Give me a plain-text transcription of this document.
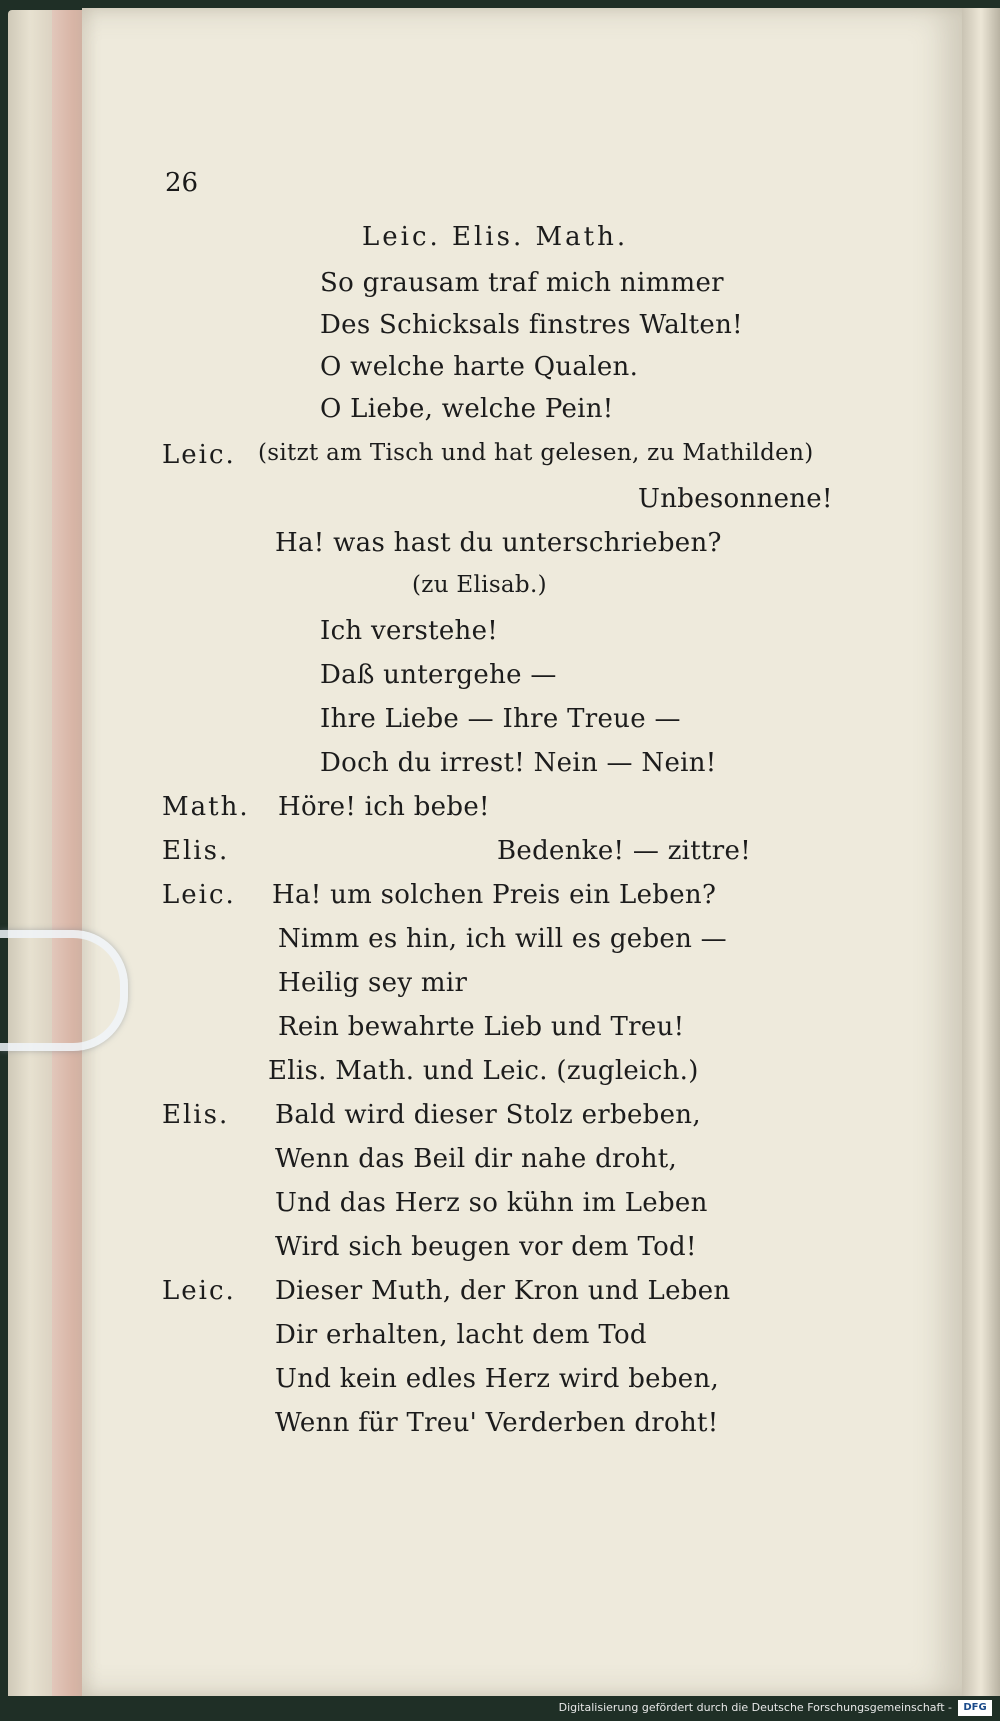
26
Leic. Elis. Math.
So grausam traf mich nimmer
Des Schicksals finstres Walten!
O welche harte Qualen.
O Liebe, welche Pein!
Leic. (sitzt am Tisch und hat gelesen, zu Mathilden)
Unbesonnene!
Ha! was hast du unterschrieben?
(zu Elisab.)
Ich verstehe!
Daß untergehe —
Ihre Liebe — Ihre Treue —
Doch du irrest! Nein — Nein!
Math. Höre! ich bebe!
Elis.	Bedenke! — zittre!
Leic. Ha! um solchen Preis ein Leben?
Nimm es hin, ich will es geben —
Heilig sey mir
Rein bewahrte Lieb und Treu!
Elis. Math. und Leic. (zugleich.)
Elis. Bald wird dieser Stolz erbeben,
Wenn das Beil dir nahe droht,
Und das Herz so kühn im Leben
Wird sich beugen vor dem Tod!
Leic. Dieser Muth, der Kron und Leben
Dir erhalten, lacht dem Tod
Und kein edles Herz wird beben,
Wenn für Treu' Verderben droht!
Digitalisierung gefördert durch die Deutsche Forschungsgemeinschaft -	DFG
